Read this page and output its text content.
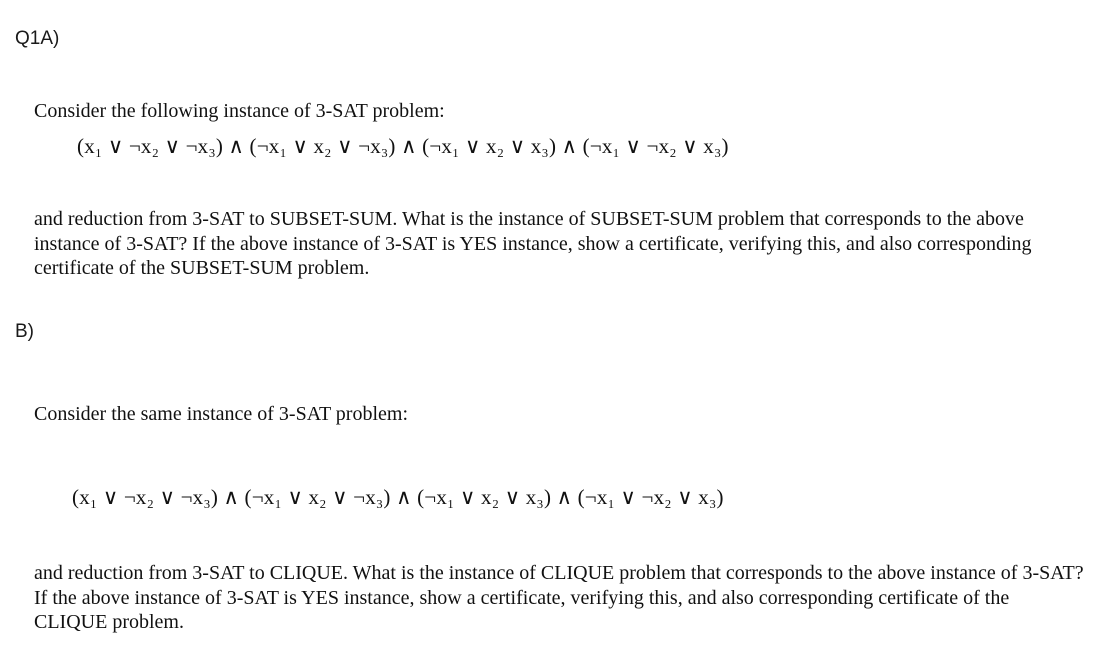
Q1A)

Consider the following instance of 3-SAT problem:

(x₁ ∨ ¬x₂ ∨ ¬x₃) ∧ (¬x₁ ∨ x₂ ∨ ¬x₃) ∧ (¬x₁ ∨ x₂ ∨ x₃) ∧ (¬x₁ ∨ ¬x₂ ∨ x₃)

and reduction from 3-SAT to SUBSET-SUM. What is the instance of SUBSET-SUM problem that corresponds to the above instance of 3-SAT? If the above instance of 3-SAT is YES instance, show a certificate, verifying this, and also corresponding certificate of the SUBSET-SUM problem.

B)

Consider the same instance of 3-SAT problem:

(x₁ ∨ ¬x₂ ∨ ¬x₃) ∧ (¬x₁ ∨ x₂ ∨ ¬x₃) ∧ (¬x₁ ∨ x₂ ∨ x₃) ∧ (¬x₁ ∨ ¬x₂ ∨ x₃)

and reduction from 3-SAT to CLIQUE. What is the instance of CLIQUE problem that corresponds to the above instance of 3-SAT? If the above instance of 3-SAT is YES instance, show a certificate, verifying this, and also corresponding certificate of the CLIQUE problem.
